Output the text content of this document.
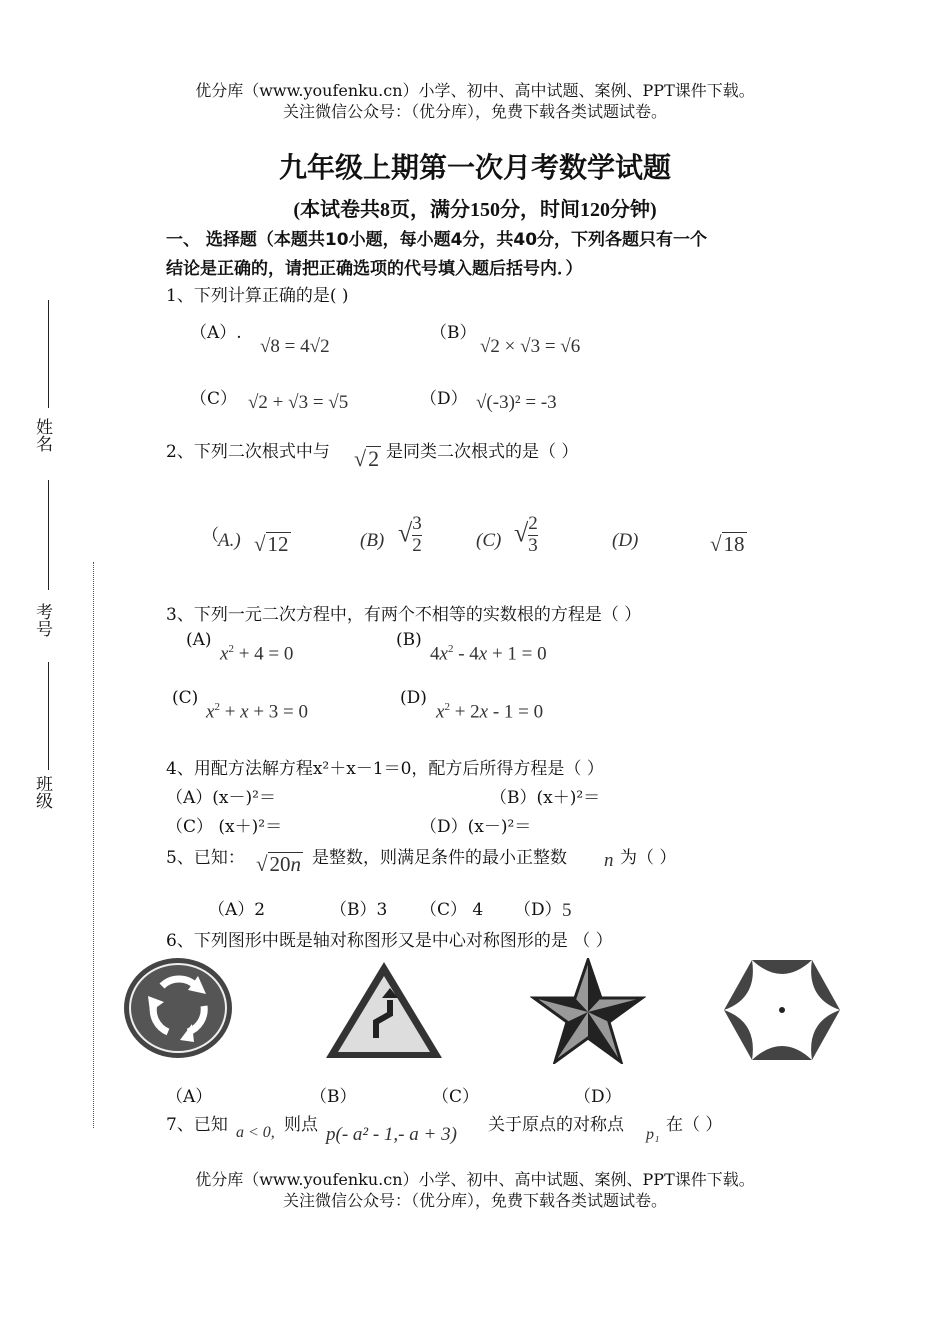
优分库（www.youfenku.cn）小学、初中、高中试题、案例、PPT课件下载。
关注微信公众号：（优分库），免费下载各类试题试卷。
九年级上期第一次月考数学试题
(本试卷共8页，满分150分，时间120分钟)
一、 选择题（本题共10小题，每小题4分，共40分，下列各题只有一个
结论是正确的，请把正确选项的代号填入题后括号内．）
姓名
考号
班级
1、下列计算正确的是( )
（A）.
√8 = 4√2
（B）
√2 × √3 = √6
（C） √2 + √3 = √5	（D） √(-3)² = -3
2、下列二次根式中与 √2 是同类二次根式的是（ ）
（ A.) √12	(B) √ $\frac{3}{2}$	(C) √ $\frac{2}{3}$	(D)	√18
3、下列一元二次方程中，有两个不相等的实数根的方程是（ ）
(A)
$x^2 + 4 = 0$
(B)
$4x^2 - 4x + 1 = 0$
(C)
$x^2 + x + 3 = 0$
(D)
$x^2 + 2x - 1 = 0$
4、用配方法解方程x²＋x－1＝0，配方后所得方程是（ ）
（A）(x－)²＝	（B）(x＋)²＝
（C） (x＋)²＝	（D）(x－)²＝
5、已知： √20n 是整数，则满足条件的最小正整数 n 为（ ）
（A）2	（B）3 （C） 4 （D） 5
6、下列图形中既是轴对称图形又是中心对称图形的是 （ ）
（A）	（B）	（C）	（D）
7、已知 a < 0, 则点 p(- a² - 1,- a + 3) 关于原点的对称点 p₁ 在（ ）
优分库（www.youfenku.cn）小学、初中、高中试题、案例、PPT课件下载。
关注微信公众号：（优分库），免费下载各类试题试卷。
